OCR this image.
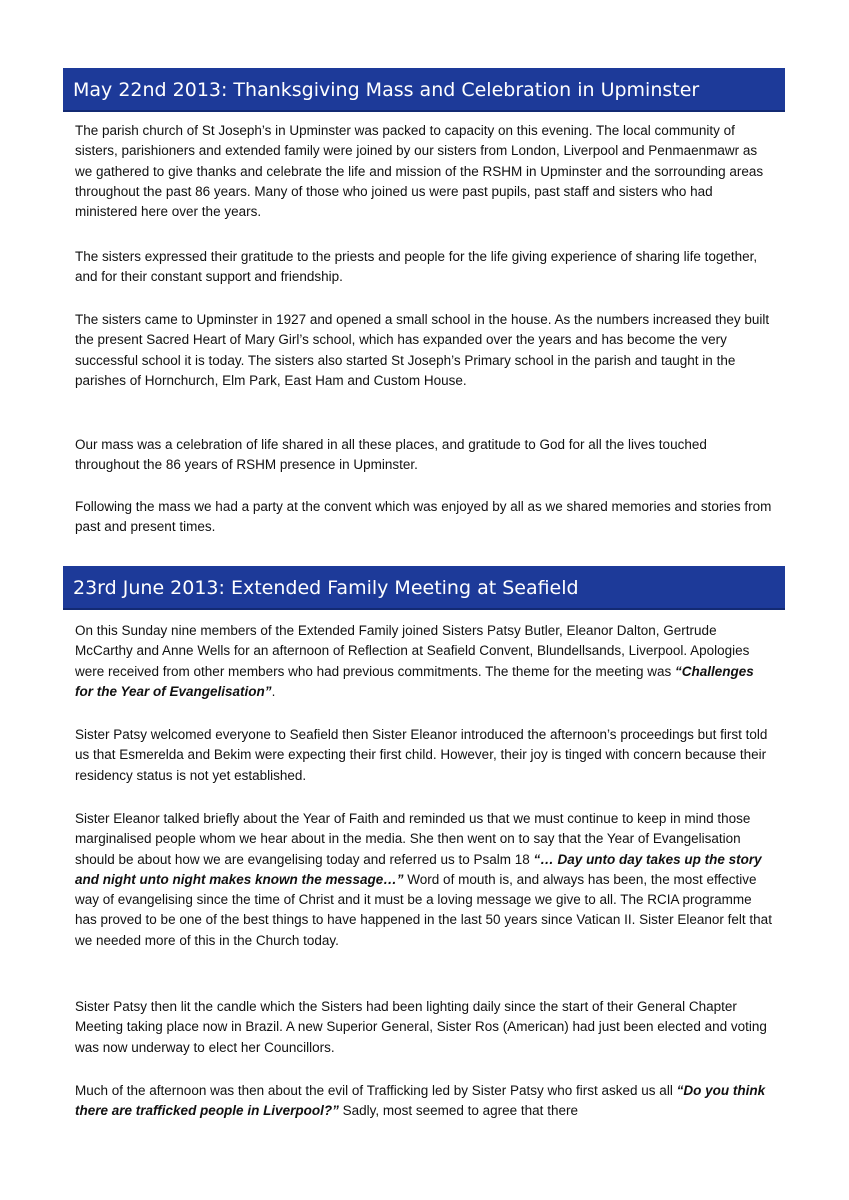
May 22nd 2013: Thanksgiving Mass and Celebration in Upminster

The parish church of St Joseph’s in Upminster was packed to capacity on this evening. The local community of sisters, parishioners and extended family were joined by our sisters from London, Liverpool and Penmaenmawr as we gathered to give thanks and celebrate the life and mission of the RSHM in Upminster and the sorrounding areas throughout the past 86 years. Many of those who joined us were past pupils, past staff and sisters who had ministered here over the years.

The sisters expressed their gratitude to the priests and people for the life giving experience of sharing life together, and for their constant support and friendship.

The sisters came to Upminster in 1927 and opened a small school in the house. As the numbers increased they built the present Sacred Heart of Mary Girl’s school, which has expanded over the years and has become the very successful school it is today. The sisters also started St Joseph’s Primary school in the parish and taught in the parishes of Hornchurch, Elm Park, East Ham and Custom House.

Our mass was a celebration of life shared in all these places, and gratitude to God for all the lives touched throughout the 86 years of RSHM presence in Upminster.

Following the mass we had a party at the convent which was enjoyed by all as we shared memories and stories from past and present times.

23rd June 2013: Extended Family Meeting at Seafield

On this Sunday nine members of the Extended Family joined Sisters Patsy Butler, Eleanor Dalton, Gertrude McCarthy and Anne Wells for an afternoon of Reflection at Seafield Convent, Blundellsands, Liverpool. Apologies were received from other members who had previous commitments. The theme for the meeting was “Challenges for the Year of Evangelisation”.

Sister Patsy welcomed everyone to Seafield then Sister Eleanor introduced the afternoon’s proceedings but first told us that Esmerelda and Bekim were expecting their first child. However, their joy is tinged with concern because their residency status is not yet established.

Sister Eleanor talked briefly about the Year of Faith and reminded us that we must continue to keep in mind those marginalised people whom we hear about in the media. She then went on to say that the Year of Evangelisation should be about how we are evangelising today and referred us to Psalm 18 “… Day unto day takes up the story and night unto night makes known the message…” Word of mouth is, and always has been, the most effective way of evangelising since the time of Christ and it must be a loving message we give to all. The RCIA programme has proved to be one of the best things to have happened in the last 50 years since Vatican II. Sister Eleanor felt that we needed more of this in the Church today.

Sister Patsy then lit the candle which the Sisters had been lighting daily since the start of their General Chapter Meeting taking place now in Brazil. A new Superior General, Sister Ros (American) had just been elected and voting was now underway to elect her Councillors.

Much of the afternoon was then about the evil of Trafficking led by Sister Patsy who first asked us all “Do you think there are trafficked people in Liverpool?” Sadly, most seemed to agree that there
